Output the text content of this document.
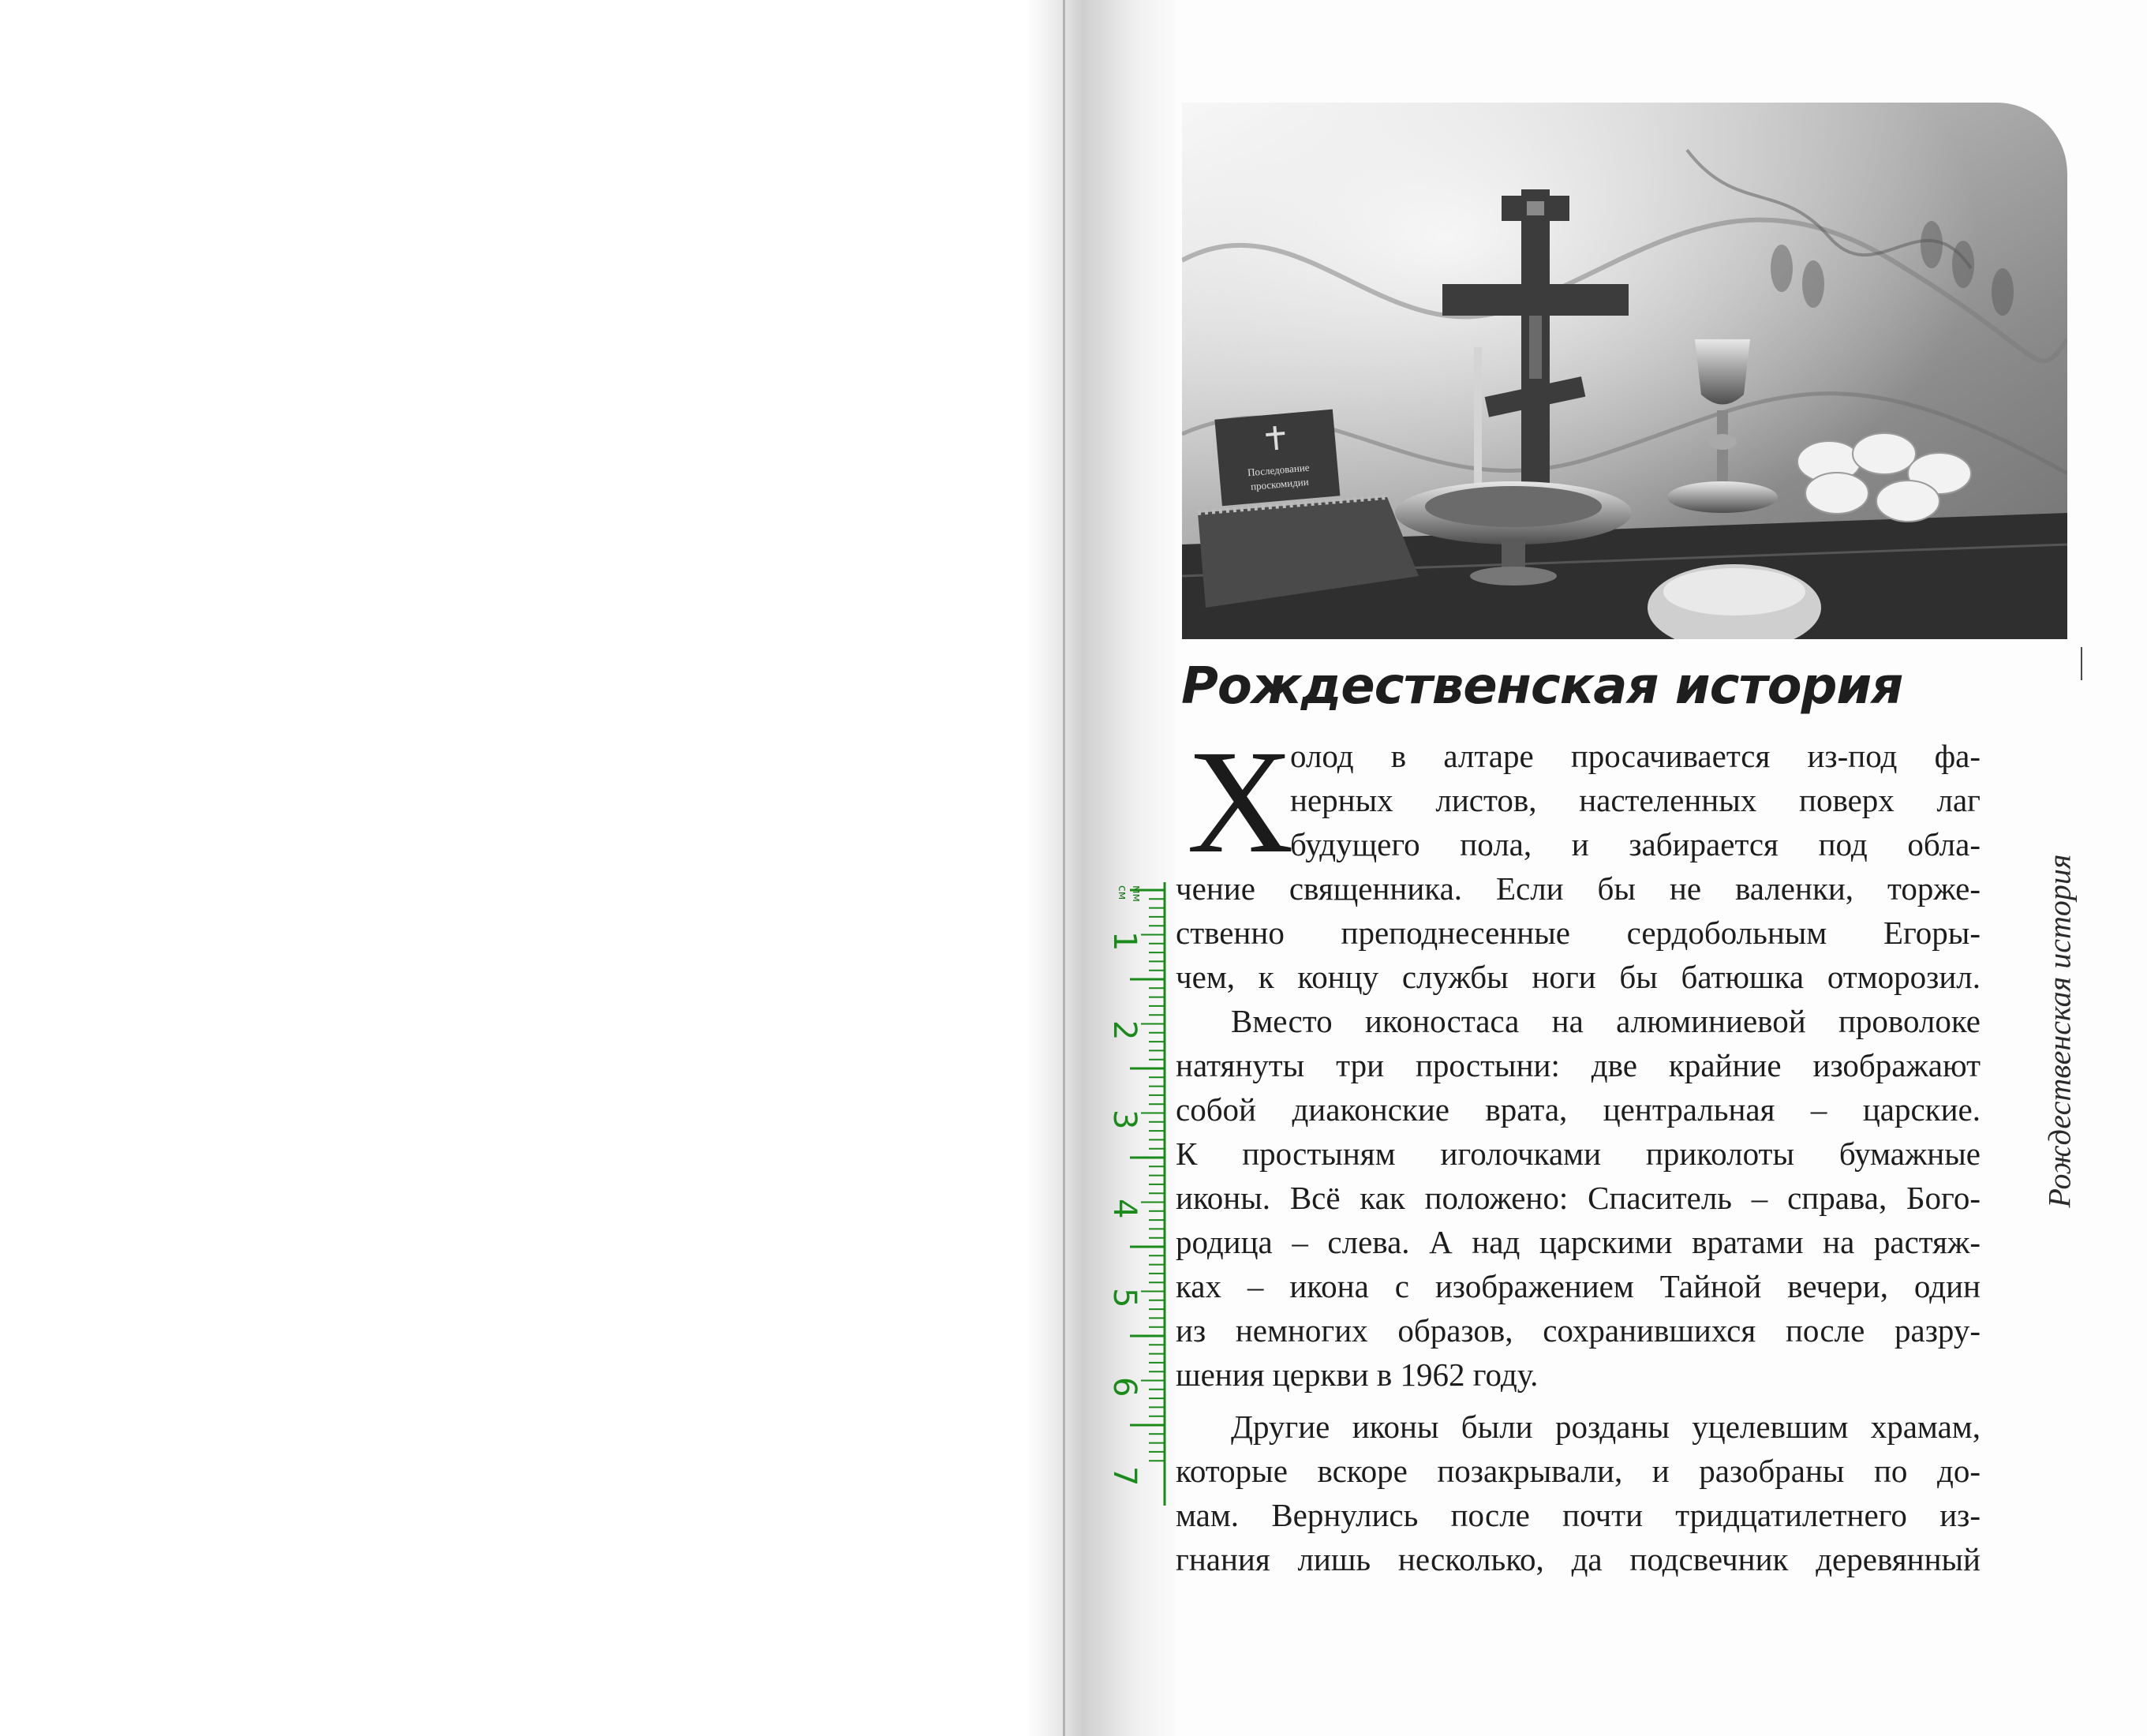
Последование
проскомидии
Рождественская история
Рождественская история
Х
олод в алтаре просачивается из-под фа-
нерных листов, настеленных поверх лаг
будущего пола, и забирается под обла-
чение священника. Если бы не валенки, торже-
ственно преподнесенные сердобольным Егоры-
чем, к концу службы ноги бы батюшка отморозил.
Вместо иконостаса на алюминиевой проволоке
натянуты три простыни: две крайние изображают
собой диаконские врата, центральная – царские.
К простыням иголочками приколоты бумажные
иконы. Всё как положено: Спаситель – справа, Бого-
родица – слева. А над царскими вратами на растяж-
ках – икона с изображением Тайной вечери, один
из немногих образов, сохранившихся после разру-
шения церкви в 1962 году.
Другие иконы были розданы уцелевшим храмам,
которые вскоре позакрывали, и разобраны по до-
мам. Вернулись после почти тридцатилетнего из-
гнания лишь несколько, да подсвечник деревянный
мм
см
1
2
3
4
5
6
7
